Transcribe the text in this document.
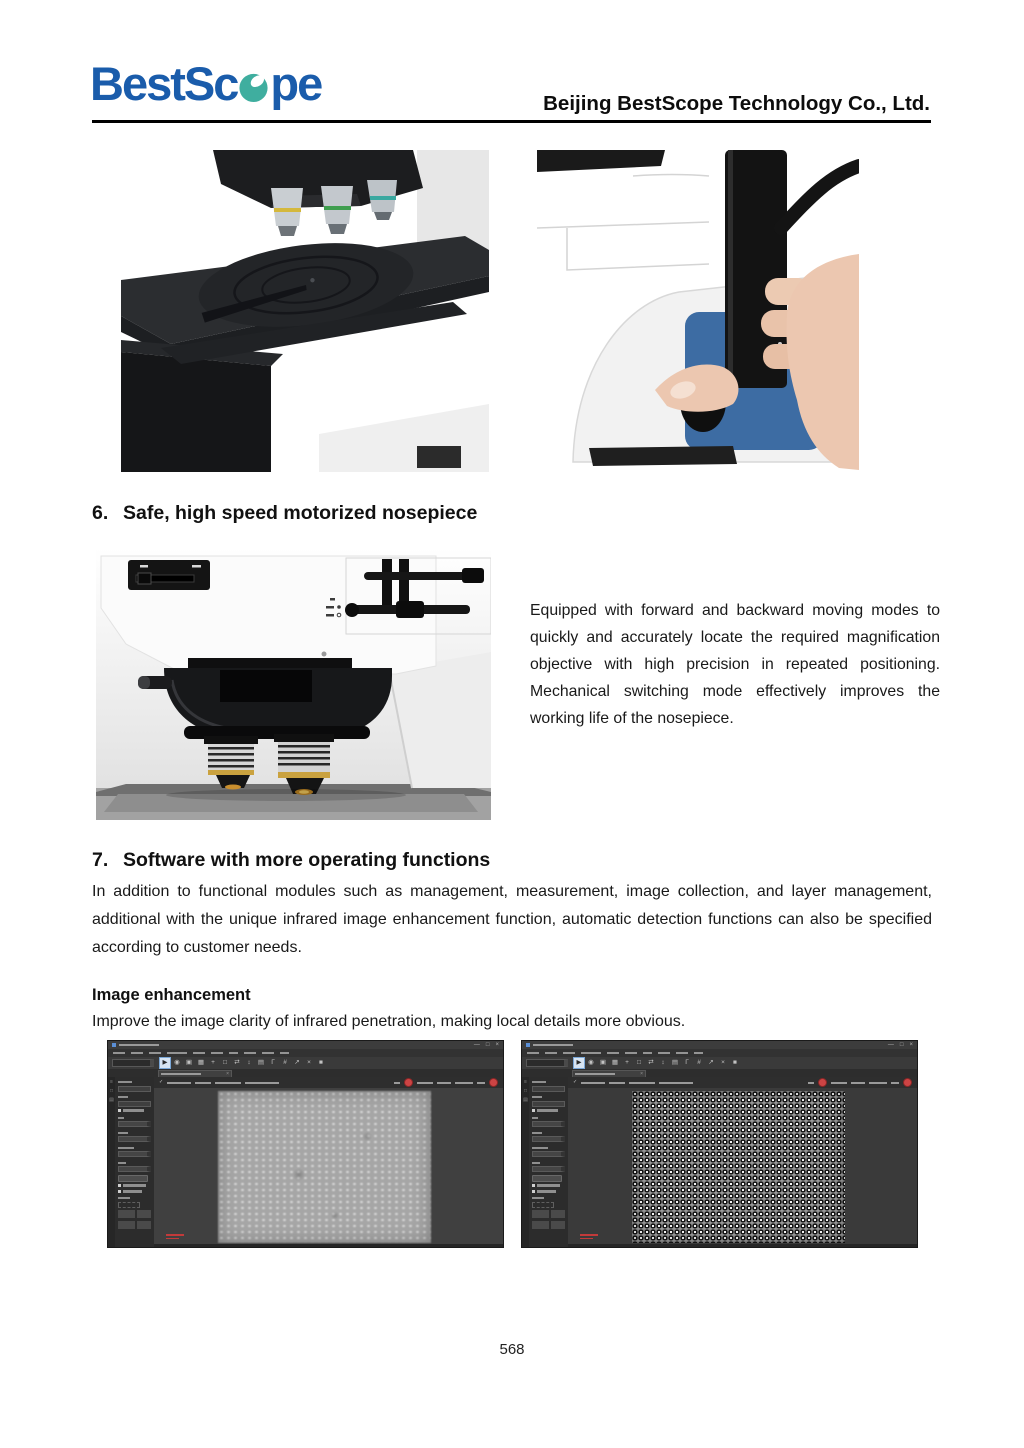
BestSc pe	Beijing BestScope Technology Co., Ltd.
6. Safe, high speed motorized nosepiece
Equipped with forward and backward moving modes to quickly and accurately locate the required magnification objective with high precision in repeated positioning. Mechanical switching mode effectively improves the working life of the nosepiece.
7. Software with more operating functions
In addition to functional modules such as management, measurement, image collection, and layer management, additional with the unique infrared image enhancement function, automatic detection functions can also be specified according to customer needs.
Image enhancement
Improve the image clarity of infrared penetration, making local details more obvious.
— □ ×
▶	◉ ▣ ▦	+	□	⇄	↕	▤	Γ	#	↗	×	■
×
≡
□
▤
✓
— □ ×
▶	◉ ▣ ▦	+	□	⇄	↕	▤	Γ	#	↗	×	■
×
≡
□
▤
✓
568
